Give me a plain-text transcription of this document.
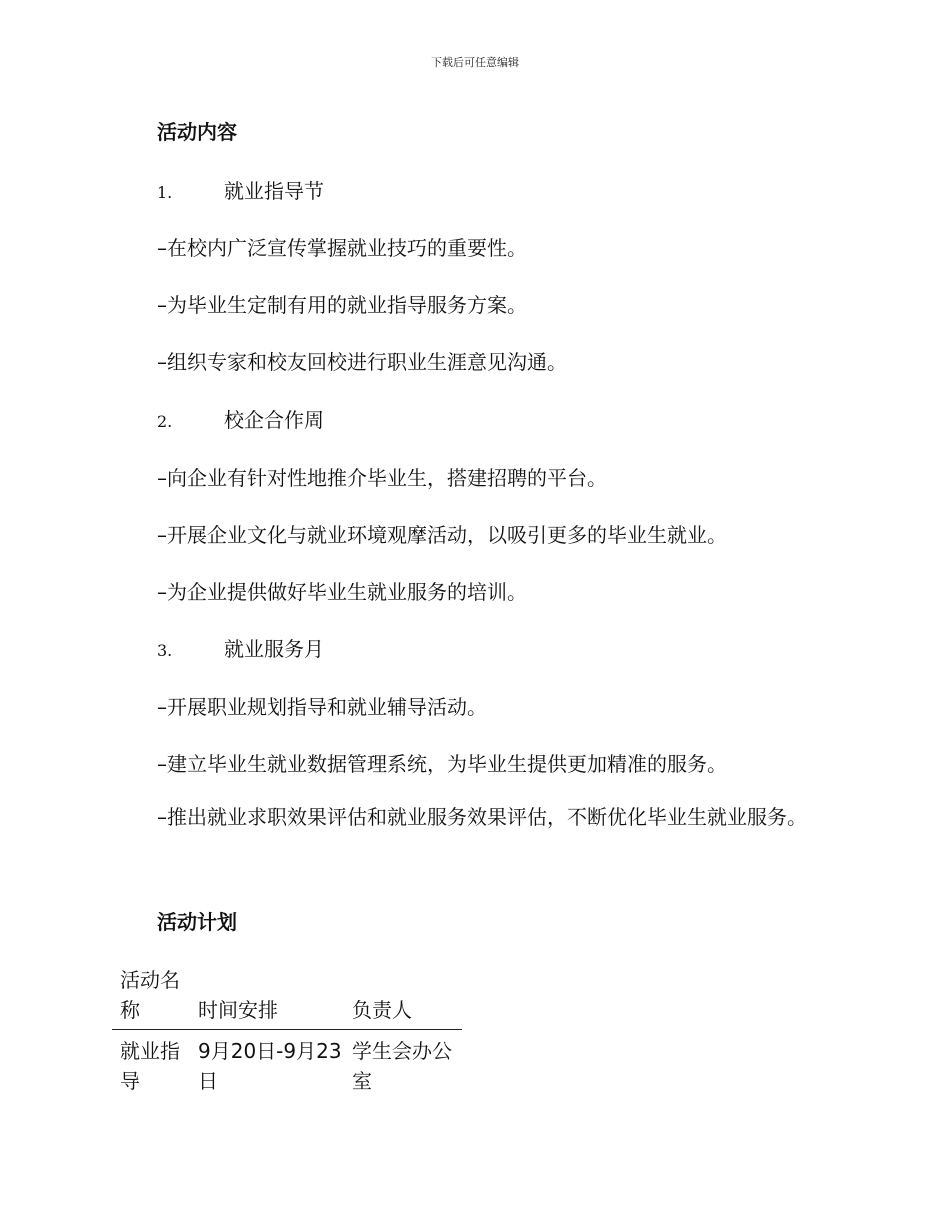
下载后可任意编辑
活动内容
1.	就业指导节
–在校内广泛宣传掌握就业技巧的重要性。
–为毕业生定制有用的就业指导服务方案。
–组织专家和校友回校进行职业生涯意见沟通。
2.	校企合作周
–向企业有针对性地推介毕业生，搭建招聘的平台。
–开展企业文化与就业环境观摩活动，以吸引更多的毕业生就业。
–为企业提供做好毕业生就业服务的培训。
3.	就业服务月
–开展职业规划指导和就业辅导活动。
–建立毕业生就业数据管理系统，为毕业生提供更加精准的服务。

–推出就业求职效果评估和就业服务效果评估，不断优化毕业生就业服务。

活动计划
活动名称	时间安排	负责人
就业指导	9月20日-9月23日	学生会办公室
